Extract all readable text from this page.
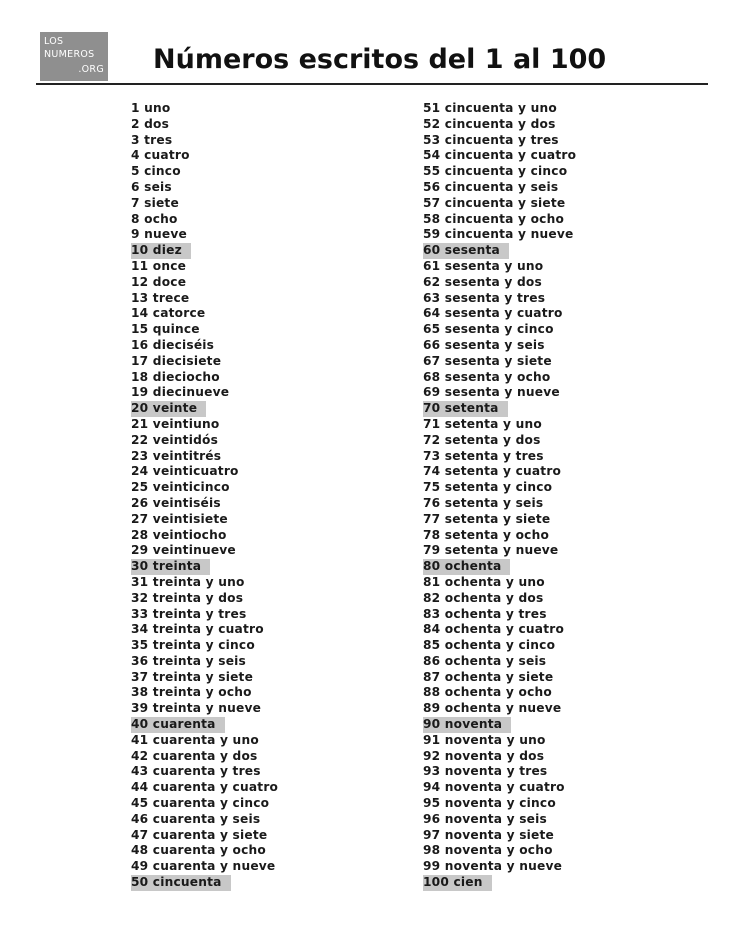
LOS
NUMEROS
.ORG Números escritos del 1 al 100
1 uno
2 dos
3 tres
4 cuatro
5 cinco
6 seis
7 siete
8 ocho
9 nueve
10 diez
11 once
12 doce
13 trece
14 catorce
15 quince
16 dieciséis
17 diecisiete
18 dieciocho
19 diecinueve
20 veinte
21 veintiuno
22 veintidós
23 veintitrés
24 veinticuatro
25 veinticinco
26 veintiséis
27 veintisiete
28 veintiocho
29 veintinueve
30 treinta
31 treinta y uno
32 treinta y dos
33 treinta y tres
34 treinta y cuatro
35 treinta y cinco
36 treinta y seis
37 treinta y siete
38 treinta y ocho
39 treinta y nueve
40 cuarenta
41 cuarenta y uno
42 cuarenta y dos
43 cuarenta y tres
44 cuarenta y cuatro
45 cuarenta y cinco
46 cuarenta y seis
47 cuarenta y siete
48 cuarenta y ocho
49 cuarenta y nueve
50 cincuenta
51 cincuenta y uno
52 cincuenta y dos
53 cincuenta y tres
54 cincuenta y cuatro
55 cincuenta y cinco
56 cincuenta y seis
57 cincuenta y siete
58 cincuenta y ocho
59 cincuenta y nueve
60 sesenta
61 sesenta y uno
62 sesenta y dos
63 sesenta y tres
64 sesenta y cuatro
65 sesenta y cinco
66 sesenta y seis
67 sesenta y siete
68 sesenta y ocho
69 sesenta y nueve
70 setenta
71 setenta y uno
72 setenta y dos
73 setenta y tres
74 setenta y cuatro
75 setenta y cinco
76 setenta y seis
77 setenta y siete
78 setenta y ocho
79 setenta y nueve
80 ochenta
81 ochenta y uno
82 ochenta y dos
83 ochenta y tres
84 ochenta y cuatro
85 ochenta y cinco
86 ochenta y seis
87 ochenta y siete
88 ochenta y ocho
89 ochenta y nueve
90 noventa
91 noventa y uno
92 noventa y dos
93 noventa y tres
94 noventa y cuatro
95 noventa y cinco
96 noventa y seis
97 noventa y siete
98 noventa y ocho
99 noventa y nueve
100 cien
